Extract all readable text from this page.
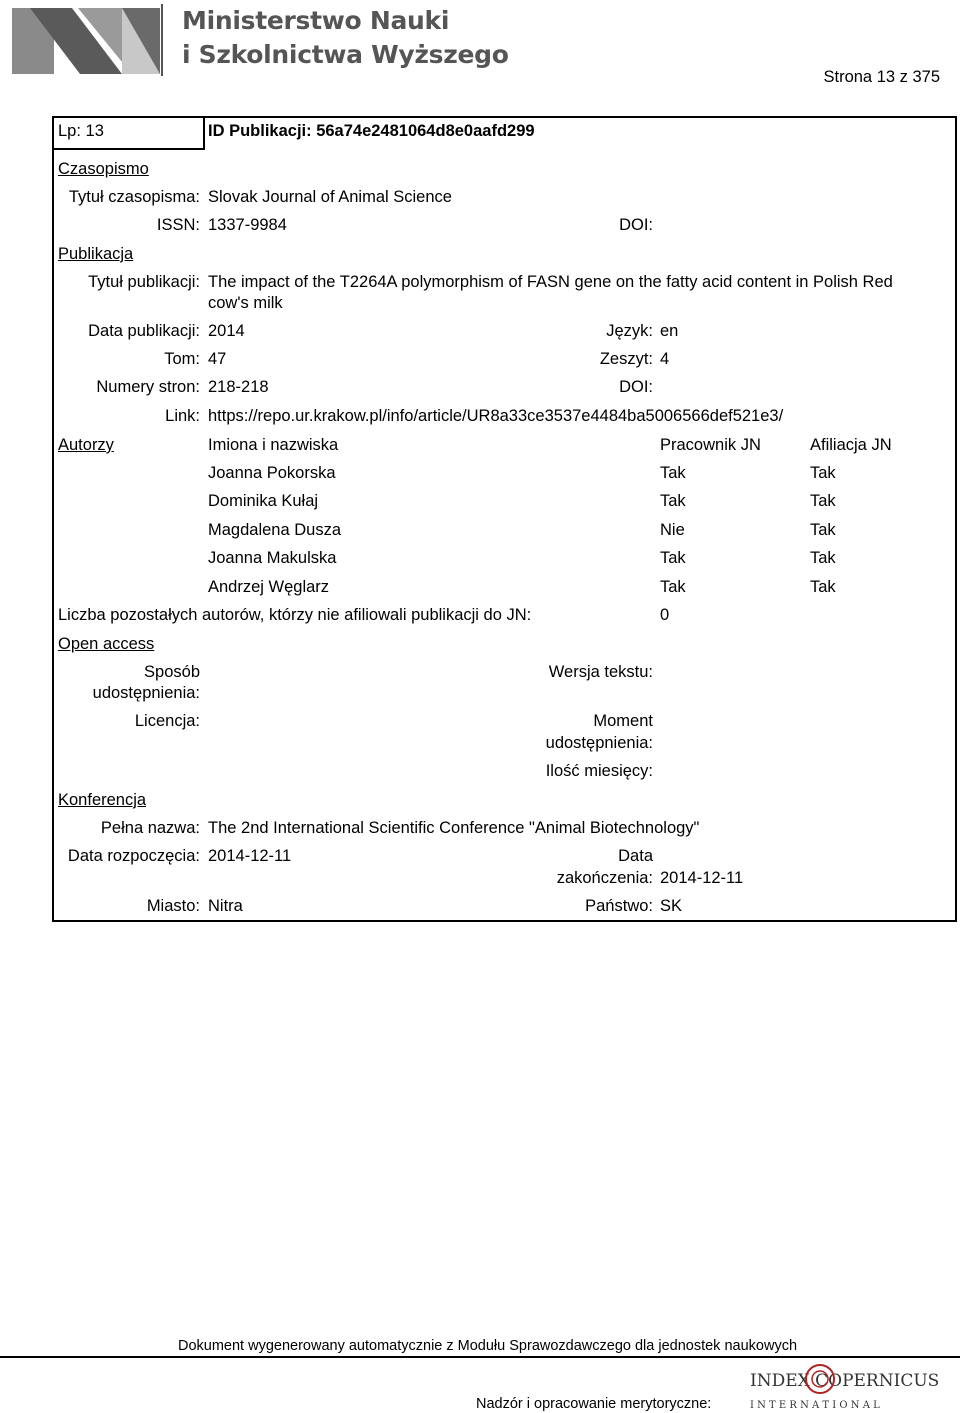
Ministerstwo Nauki
i Szkolnictwa Wyższego
Strona 13 z 375
Lp: 13	ID Publikacji: 56a74e2481064d8e0aafd299
Czasopismo
Tytuł czasopisma: Slovak Journal of Animal Science
ISSN: 1337-9984	DOI:
Publikacja
Tytuł publikacji: The impact of the T2264A polymorphism of FASN gene on the fatty acid content in Polish Red
cow's milk
Data publikacji: 2014	Język: en
Tom: 47	Zeszyt: 4
Numery stron: 218-218	DOI:
Link: https://repo.ur.krakow.pl/info/article/UR8a33ce3537e4484ba5006566def521e3/
Autorzy	Imiona i nazwiska	Pracownik JN	Afiliacja JN
Joanna Pokorska	Tak	Tak
Dominika Kułaj	Tak	Tak
Magdalena Dusza	Nie	Tak
Joanna Makulska	Tak	Tak
Andrzej Węglarz	Tak	Tak
Liczba pozostałych autorów, którzy nie afiliowali publikacji do JN:	0
Open access
Sposób
udostępnienia:
Wersja tekstu:
Licencja:	Moment
udostępnienia:
Ilość miesięcy:
Konferencja
Pełna nazwa: The 2nd International Scientific Conference "Animal Biotechnology"
Data rozpoczęcia: 2014-12-11	Data
zakończenia: 2014-12-11
Miasto: Nitra	Państwo: SK
Dokument wygenerowany automatycznie z Modułu Sprawozdawczego dla jednostek naukowych
Nadzór i opracowanie merytoryczne:
INDEX COPERNICUS
I N T E R N A T I O N A L
